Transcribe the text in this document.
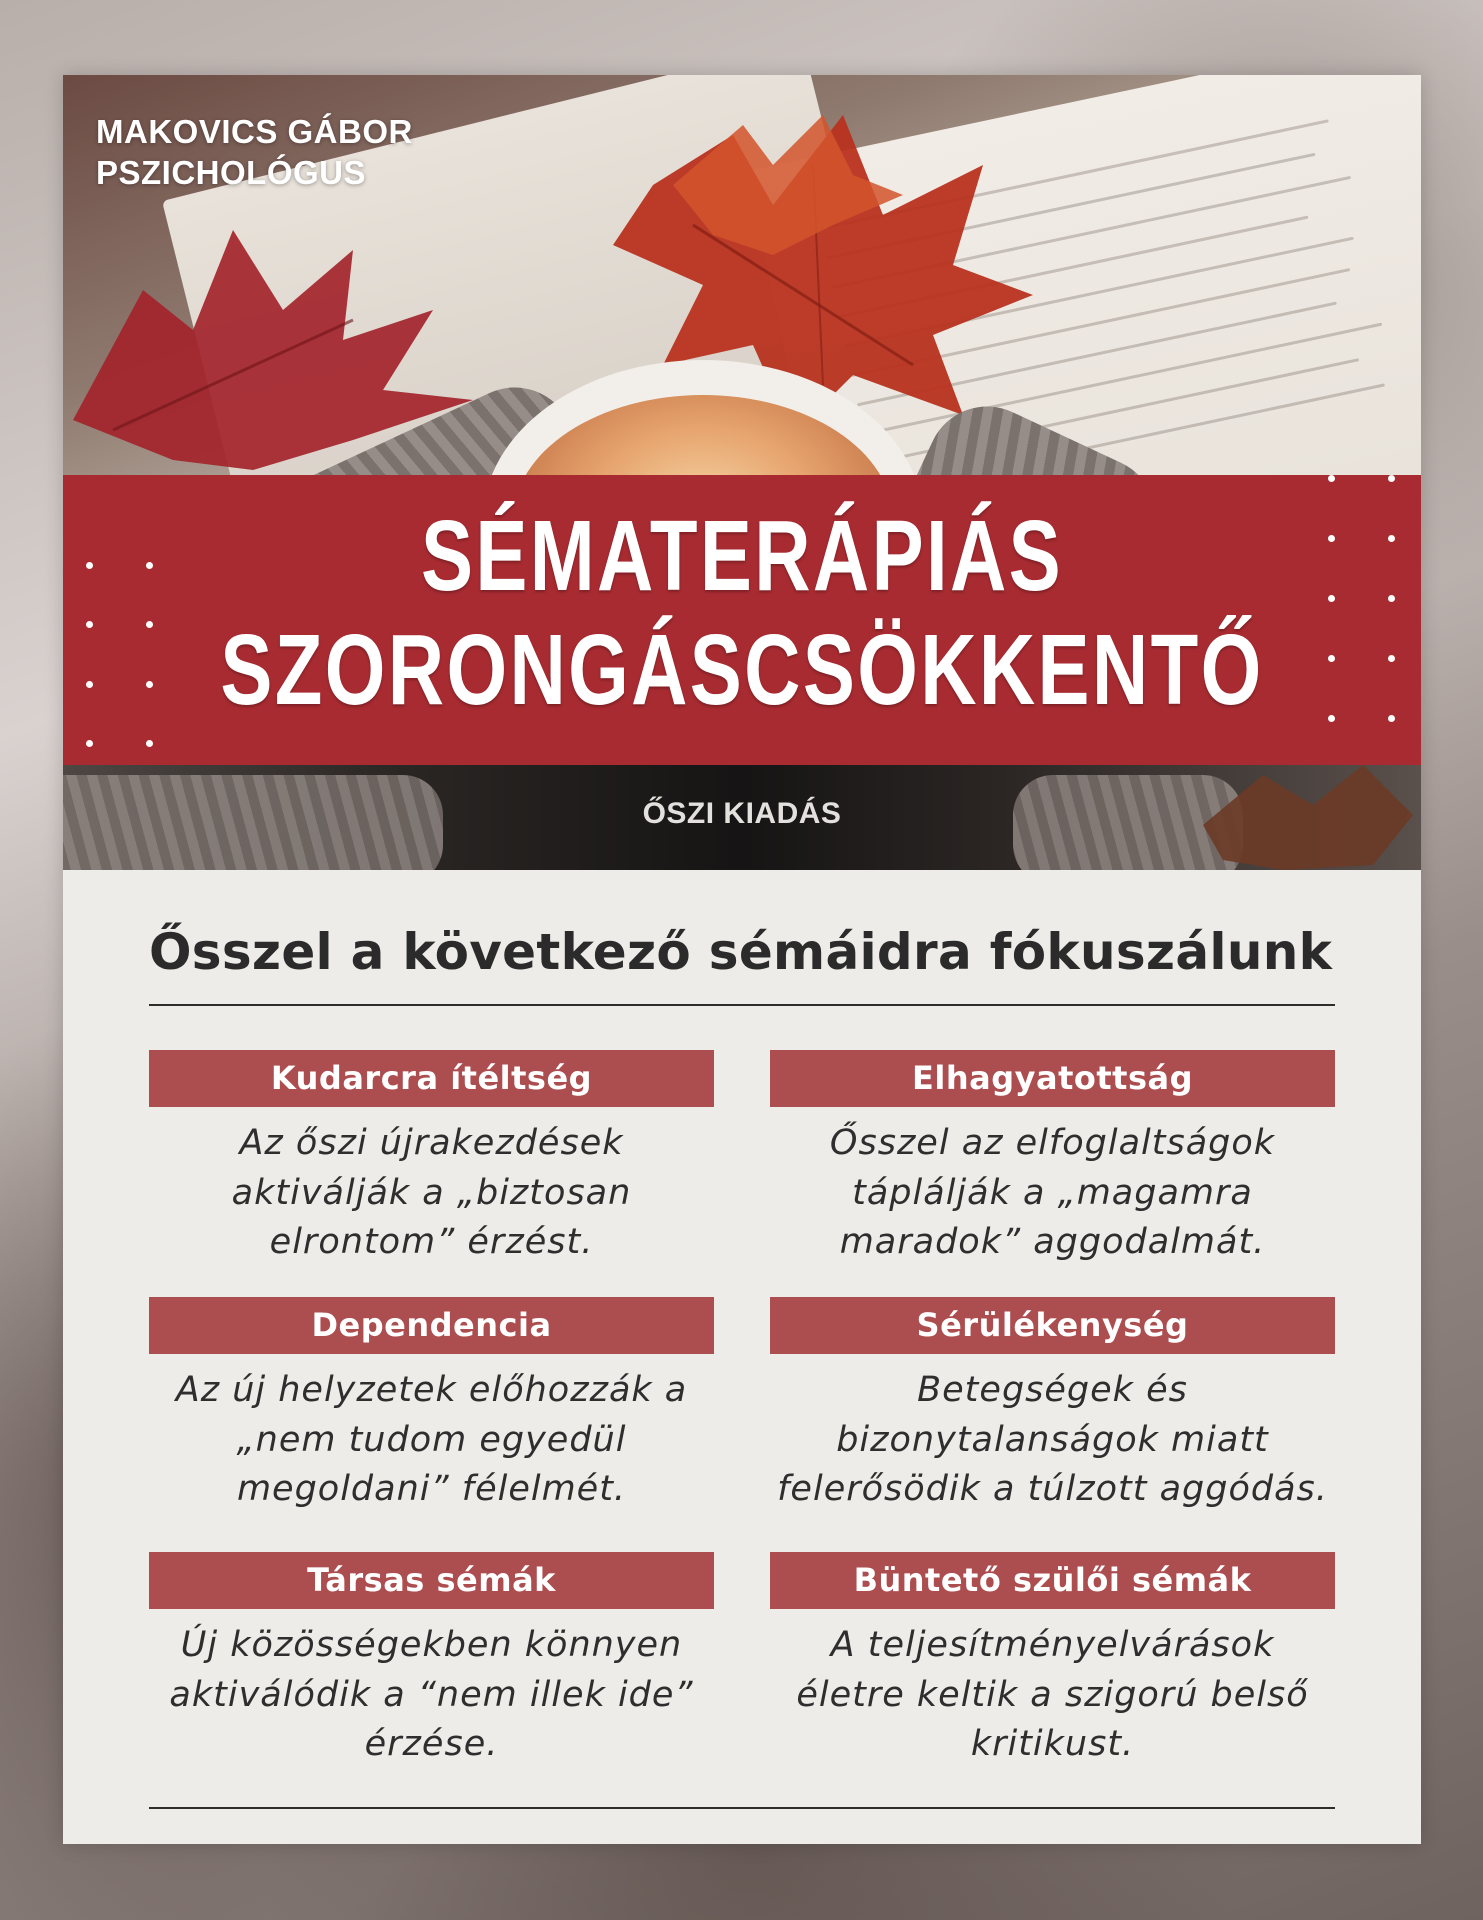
MAKOVICS GÁBOR
PSZICHOLÓGUS
SÉMATERÁPIÁS
SZORONGÁSCSÖKKENTŐ
ŐSZI KIADÁS
Ősszel a következő sémáidra fókuszálunk
Kudarcra ítéltség
Az őszi újrakezdések aktiválják a „biztosan elrontom” érzést.
Elhagyatottság
Ősszel az elfoglaltságok táplálják a „magamra maradok” aggodalmát.
Dependencia
Az új helyzetek előhozzák a „nem tudom egyedül megoldani” félelmét.
Sérülékenység
Betegségek és bizonytalanságok miatt felerősödik a túlzott aggódás.
Társas sémák
Új közösségekben könnyen aktiválódik a “nem illek ide” érzése.
Büntető szülői sémák
A teljesítményelvárások életre keltik a szigorú belső kritikust.
